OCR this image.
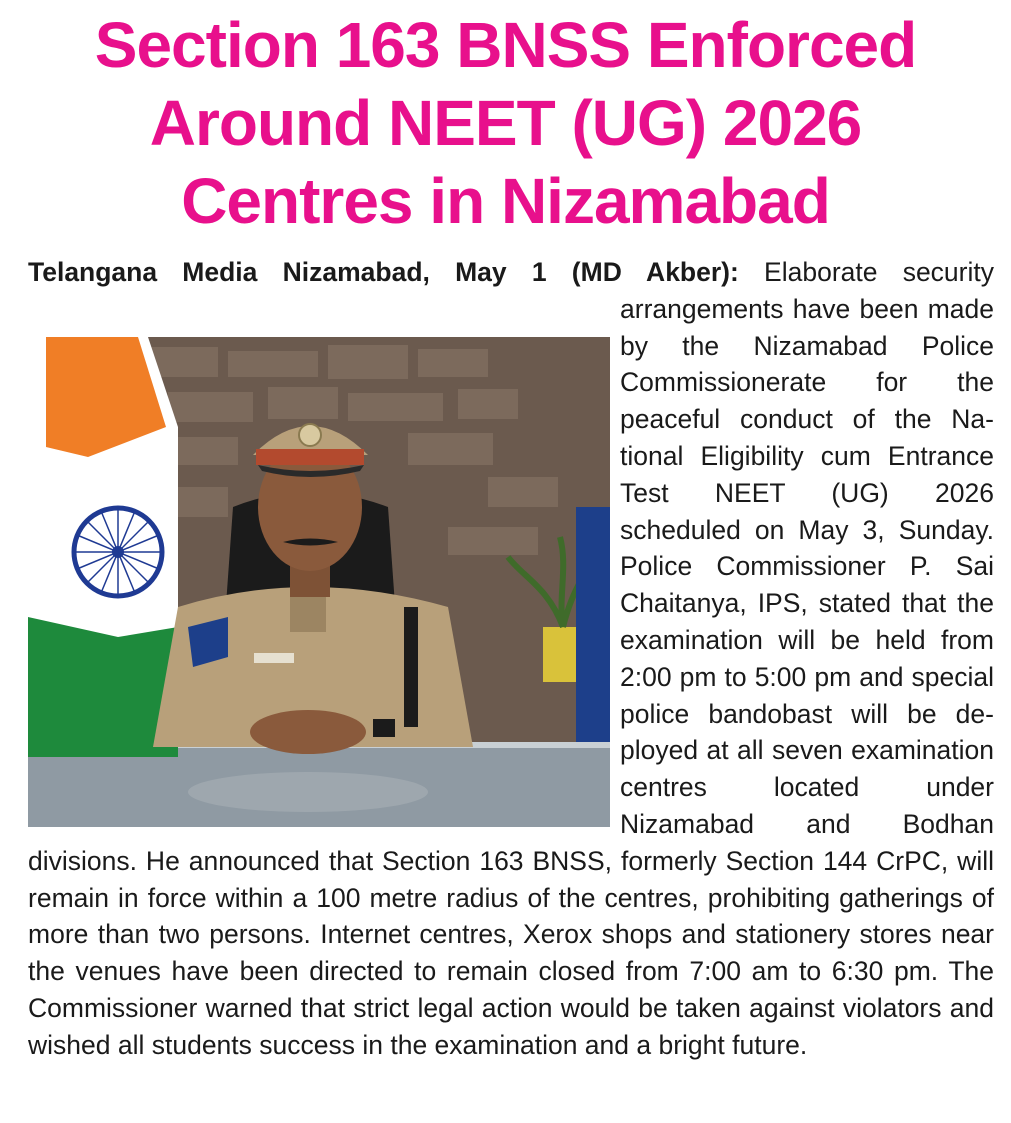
Section 163 BNSS Enforced
Around NEET (UG) 2026
Centres in Nizamabad
Telangana Media Nizamabad, May 1 (MD Akber): Elaborate security arrangements have been made by the Nizamabad Police Commissionerate for the peaceful conduct of the National Eligibility cum Entrance Test NEET (UG) 2026 scheduled on May 3, Sunday. Police Commissioner P. Sai Chaitanya, IPS, stated that the examination will be held from 2:00 pm to 5:00 pm and special police bandobast will be deployed at all seven examination centres located under Nizamabad and Bodhan divisions. He announced that Section 163 BNSS, formerly Section 144 CrPC, will remain in force within a 100 metre radius of the centres, prohibiting gatherings of more than two persons. Internet centres, Xerox shops and stationery stores near the venues have been directed to remain closed from 7:00 am to 6:30 pm. The Commissioner warned that strict legal action would be taken against violators and wished all students success in the examination and a bright future.
